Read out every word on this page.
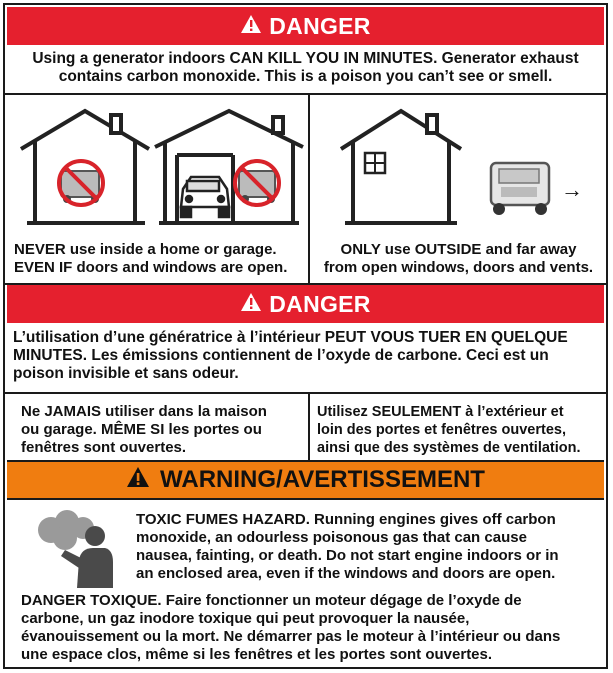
DANGER
Using a generator indoors CAN KILL YOU IN MINUTES. Generator exhaust
contains carbon monoxide. This is a poison you can’t see or smell.
NEVER use inside a home or garage.
EVEN IF doors and windows are open.
→
ONLY use OUTSIDE and far away
from open windows, doors and vents.
DANGER
L’utilisation d’une génératrice à l’intérieur PEUT VOUS TUER EN QUELQUE
MINUTES. Les émissions contiennent de l’oxyde de carbone. Ceci est un
poison invisible et sans odeur.
Ne JAMAIS utiliser dans la maison
ou garage. MÊME SI les portes ou
fenêtres sont ouvertes.
Utilisez SEULEMENT à l’extérieur et
loin des portes et fenêtres ouvertes,
ainsi que des systèmes de ventilation.
WARNING/AVERTISSEMENT
TOXIC FUMES HAZARD. Running engines gives off carbon
monoxide, an odourless poisonous gas that can cause
nausea, fainting, or death. Do not start engine indoors or in
an enclosed area, even if the windows and doors are open.
DANGER TOXIQUE. Faire fonctionner un moteur dégage de l’oxyde de
carbone, un gaz inodore toxique qui peut provoquer la nausée,
évanouissement ou la mort. Ne démarrer pas le moteur à l’intérieur ou dans
une espace clos, même si les fenêtres et les portes sont ouvertes.
